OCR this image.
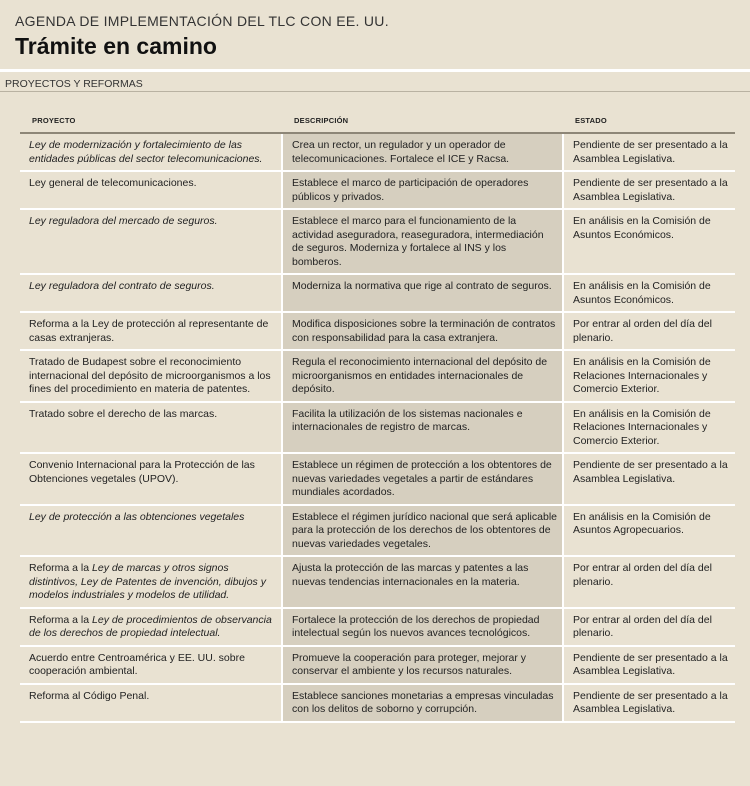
AGENDA DE IMPLEMENTACIÓN DEL TLC CON EE. UU.
Trámite en camino
PROYECTOS Y REFORMAS
PROYECTO	DESCRIPCIÓN	ESTADO
Ley de modernización y fortalecimiento de las entidades públicas del sector telecomunicaciones.	Crea un rector, un regulador y un operador de telecomunicaciones. Fortalece el ICE y Racsa.	Pendiente de ser presentado a la Asamblea Legislativa.
Ley general de telecomunicaciones.	Establece el marco de participación de operadores públicos y privados.	Pendiente de ser presentado a la Asamblea Legislativa.
Ley reguladora del mercado de seguros.	Establece el marco para el funcionamiento de la actividad aseguradora, reaseguradora, intermediación de seguros. Moderniza y fortalece al INS y los bomberos.	En análisis en la Comisión de Asuntos Económicos.
Ley reguladora del contrato de seguros.	Moderniza la normativa que rige al contrato de seguros.	En análisis en la Comisión de Asuntos Económicos.
Reforma a la Ley de protección al representante de casas extranjeras.	Modifica disposiciones sobre la terminación de contratos con responsabilidad para la casa extranjera.	Por entrar al orden del día del plenario.
Tratado de Budapest sobre el reconocimiento internacional del depósito de microorganismos a los fines del procedimiento en materia de patentes.	Regula el reconocimiento internacional del depósito de microorganismos en entidades internacionales de depósito.	En análisis en la Comisión de Relaciones Internacionales y Comercio Exterior.
Tratado sobre el derecho de las marcas.	Facilita la utilización de los sistemas nacionales e internacionales de registro de marcas.	En análisis en la Comisión de Relaciones Internacionales y Comercio Exterior.
Convenio Internacional para la Protección de las Obtenciones vegetales (UPOV).	Establece un régimen de protección a los obtentores de nuevas variedades vegetales a partir de estándares mundiales acordados.	Pendiente de ser presentado a la Asamblea Legislativa.
Ley de protección a las obtenciones vegetales	Establece el régimen jurídico nacional que será aplicable para la protección de los derechos de los obtentores de nuevas variedades vegetales.	En análisis en la Comisión de Asuntos Agropecuarios.
Reforma a la Ley de marcas y otros signos distintivos, Ley de Patentes de invención, dibujos y modelos industriales y modelos de utilidad.	Ajusta la protección de las marcas y patentes a las nuevas tendencias internacionales en la materia.	Por entrar al orden del día del plenario.
Reforma a la Ley de procedimientos de observancia de los derechos de propiedad intelectual.	Fortalece la protección de los derechos de propiedad intelectual según los nuevos avances tecnológicos.	Por entrar al orden del día del plenario.
Acuerdo entre Centroamérica y EE. UU. sobre cooperación ambiental.	Promueve la cooperación para proteger, mejorar y conservar el ambiente y los recursos naturales.	Pendiente de ser presentado a la Asamblea Legislativa.
Reforma al Código Penal.	Establece sanciones monetarias a empresas vinculadas con los delitos de soborno y corrupción.	Pendiente de ser presentado a la Asamblea Legislativa.
